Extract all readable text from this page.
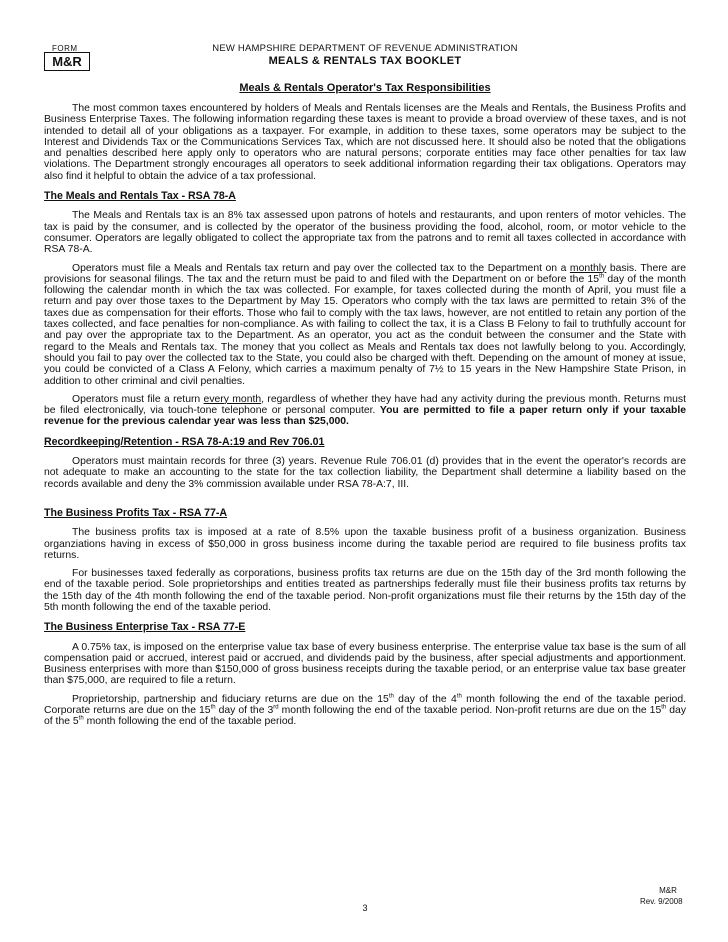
FORM
M&R
NEW HAMPSHIRE DEPARTMENT OF REVENUE ADMINISTRATION
MEALS & RENTALS TAX BOOKLET
Meals & Rentals Operator's Tax Responsibilities

The most common taxes encountered by holders of Meals and Rentals licenses are the Meals and Rentals, the Business Profits and Business Enterprise Taxes. The following information regarding these taxes is meant to provide a broad overview of these taxes, and is not intended to detail all of your obligations as a taxpayer. For example, in addition to these taxes, some operators may be subject to the Interest and Dividends Tax or the Communications Services Tax, which are not discussed here. It should also be noted that the obligations and penalties described here apply only to operators who are natural persons; corporate entities may face other penalties for tax law violations. The Department strongly encourages all operators to seek additional information regarding their tax obligations. Operators may also find it helpful to obtain the advice of a tax professional.

The Meals and Rentals Tax - RSA 78-A

The Meals and Rentals tax is an 8% tax assessed upon patrons of hotels and restaurants, and upon renters of motor vehicles. The tax is paid by the consumer, and is collected by the operator of the business providing the food, alcohol, room, or motor vehicle to the consumer. Operators are legally obligated to collect the appropriate tax from the patrons and to remit all taxes collected in accordance with RSA 78-A.

Operators must file a Meals and Rentals tax return and pay over the collected tax to the Department on a monthly basis. There are provisions for seasonal filings. The tax and the return must be paid to and filed with the Department on or before the 15th day of the month following the calendar month in which the tax was collected. For example, for taxes collected during the month of April, you must file a return and pay over those taxes to the Department by May 15. Operators who comply with the tax laws are permitted to retain 3% of the taxes due as compensation for their efforts. Those who fail to comply with the tax laws, however, are not entitled to retain any portion of the taxes collected, and face penalties for non-compliance. As with failing to collect the tax, it is a Class B Felony to fail to truthfully account for and pay over the appropriate tax to the Department. As an operator, you act as the conduit between the consumer and the State with regard to the Meals and Rentals tax. The money that you collect as Meals and Rentals tax does not lawfully belong to you. Accordingly, should you fail to pay over the collected tax to the State, you could also be charged with theft. Depending on the amount of money at issue, you could be convicted of a Class A Felony, which carries a maximum penalty of 7½ to 15 years in the New Hampshire State Prison, in addition to other criminal and civil penalties.

Operators must file a return every month, regardless of whether they have had any activity during the previous month. Returns must be filed electronically, via touch-tone telephone or personal computer. You are permitted to file a paper return only if your taxable revenue for the previous calendar year was less than $25,000.

Recordkeeping/Retention - RSA 78-A:19 and Rev 706.01

Operators must maintain records for three (3) years. Revenue Rule 706.01 (d) provides that in the event the operator's records are not adequate to make an accounting to the state for the tax collection liability, the Department shall determine a liability based on the records available and deny the 3% commission available under RSA 78-A:7, III.

The Business Profits Tax - RSA 77-A

The business profits tax is imposed at a rate of 8.5% upon the taxable business profit of a business organization. Business organziations having in excess of $50,000 in gross business income during the taxable period are required to file business profits tax returns.

For businesses taxed federally as corporations, business profits tax returns are due on the 15th day of the 3rd month following the end of the taxable period. Sole proprietorships and entities treated as partnerships federally must file their business profits tax returns by the 15th day of the 4th month following the end of the taxable period. Non-profit organizations must file their returns by the 15th day of the 5th month following the end of the taxable period.

The Business Enterprise Tax - RSA 77-E

A 0.75% tax, is imposed on the enterprise value tax base of every business enterprise. The enterprise value tax base is the sum of all compensation paid or accrued, interest paid or accrued, and dividends paid by the business, after special adjustments and apportionment. Business enterprises with more than $150,000 of gross business receipts during the taxable period, or an enterprise value tax base greater than $75,000, are required to file a return.

Proprietorship, partnership and fiduciary returns are due on the 15th day of the 4th month following the end of the taxable period. Corporate returns are due on the 15th day of the 3rd month following the end of the taxable period. Non-profit returns are due on the 15th day of the 5th month following the end of the taxable period.

M&R
Rev. 9/2008
3
